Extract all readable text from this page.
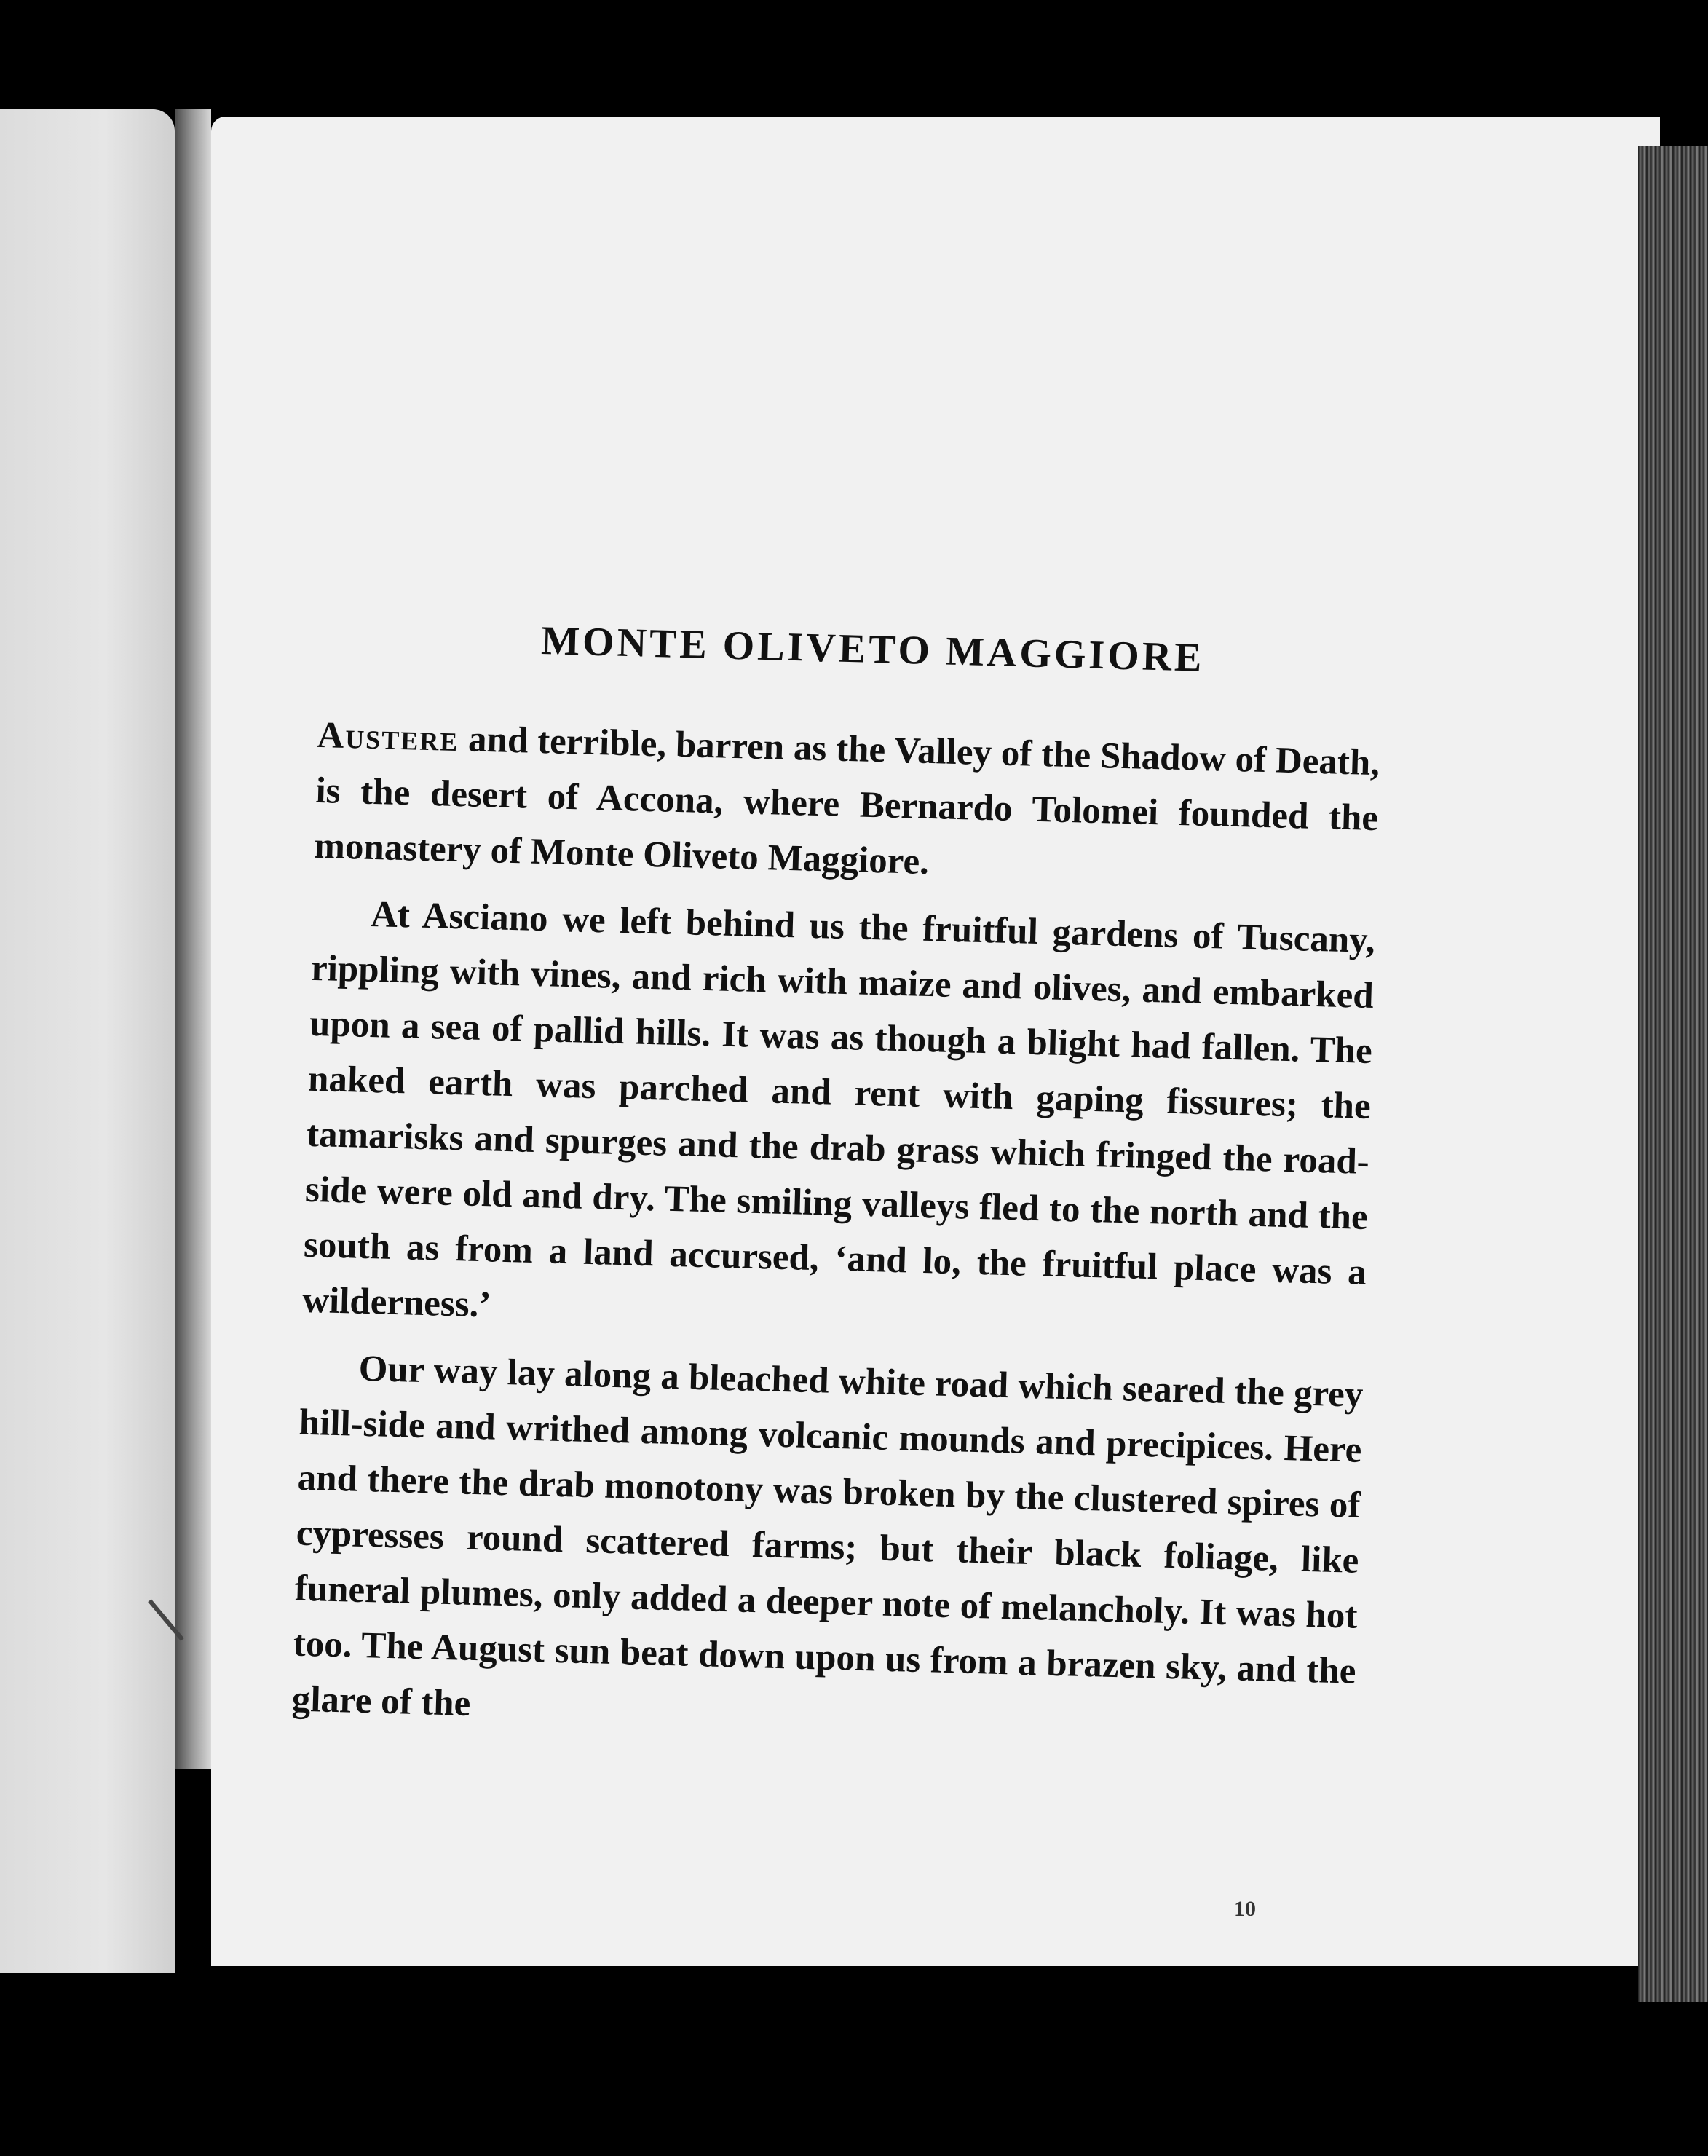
MONTE OLIVETO MAGGIORE

Austere and terrible, barren as the Valley of the Shadow of Death, is the desert of Accona, where Bernardo Tolomei founded the monastery of Monte Oliveto Maggiore.

At Asciano we left behind us the fruitful gardens of Tuscany, rippling with vines, and rich with maize and olives, and embarked upon a sea of pallid hills. It was as though a blight had fallen. The naked earth was parched and rent with gaping fissures; the tamarisks and spurges and the drab grass which fringed the road-side were old and dry. The smiling valleys fled to the north and the south as from a land accursed, ‘and lo, the fruitful place was a wilderness.’

Our way lay along a bleached white road which seared the grey hill-side and writhed among volcanic mounds and precipices. Here and there the drab monotony was broken by the clustered spires of cypresses round scattered farms; but their black foliage, like funeral plumes, only added a deeper note of melancholy. It was hot too. The August sun beat down upon us from a brazen sky, and the glare of the

10
